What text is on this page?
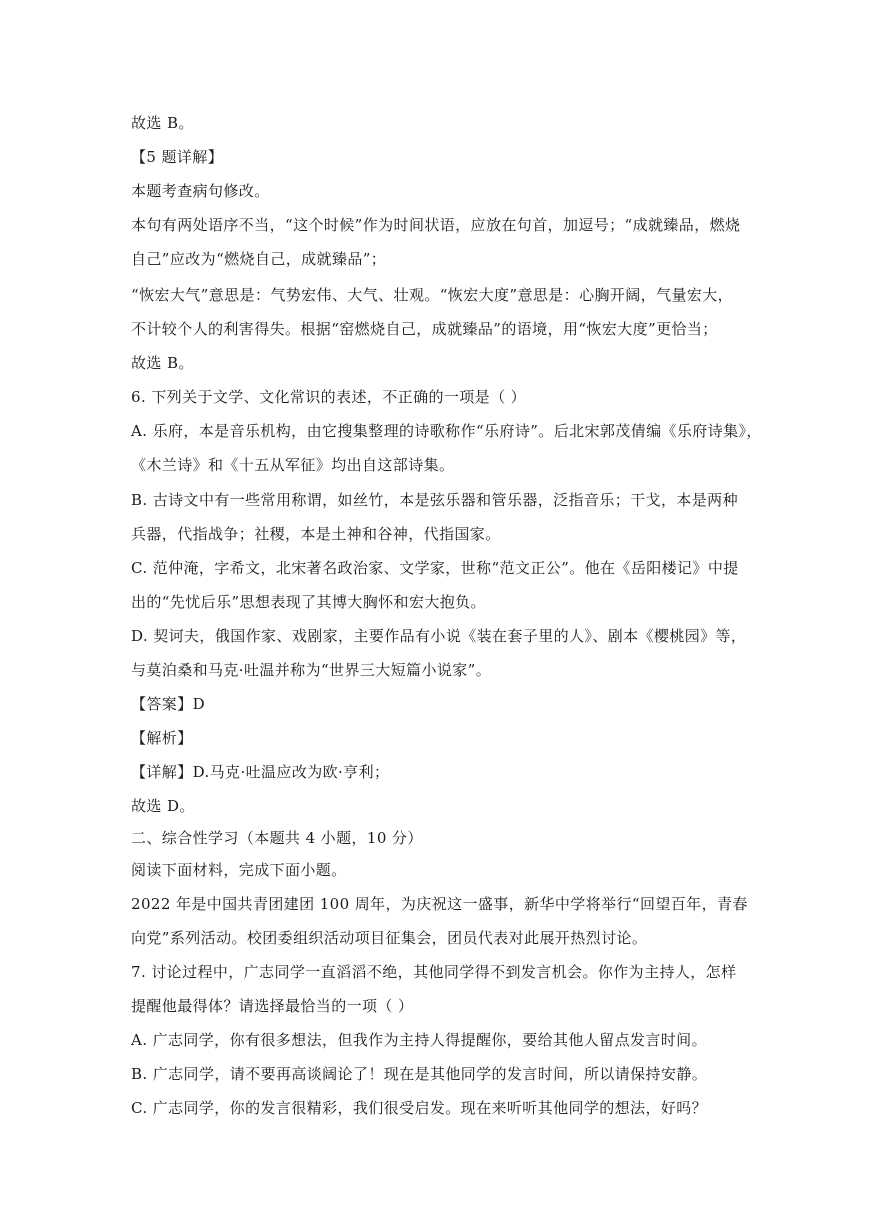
故选 B。
【5 题详解】
本题考查病句修改。
本句有两处语序不当，“这个时候”作为时间状语，应放在句首，加逗号；“成就臻品，燃烧
自己”应改为“燃烧自己，成就臻品”；
“恢宏大气”意思是：气势宏伟、大气、壮观。“恢宏大度”意思是：心胸开阔，气量宏大，
不计较个人的利害得失。根据“窑燃烧自己，成就臻品”的语境，用“恢宏大度”更恰当；
故选 B。
6. 下列关于文学、文化常识的表述，不正确的一项是（ ）
A. 乐府，本是音乐机构，由它搜集整理的诗歌称作“乐府诗”。后北宋郭茂倩编《乐府诗集》，
《木兰诗》和《十五从军征》均出自这部诗集。
B. 古诗文中有一些常用称谓，如丝竹，本是弦乐器和管乐器，泛指音乐；干戈，本是两种
兵器，代指战争；社稷，本是土神和谷神，代指国家。
C. 范仲淹，字希文，北宋著名政治家、文学家，世称“范文正公”。他在《岳阳楼记》中提
出的“先忧后乐”思想表现了其博大胸怀和宏大抱负。
D. 契诃夫，俄国作家、戏剧家，主要作品有小说《装在套子里的人》、剧本《樱桃园》等，
与莫泊桑和马克·吐温并称为“世界三大短篇小说家”。
【答案】D
【解析】
【详解】D.马克·吐温应改为欧·亨利；
故选 D。
二、综合性学习（本题共 4 小题，10 分）
阅读下面材料，完成下面小题。
2022 年是中国共青团建团 100 周年，为庆祝这一盛事，新华中学将举行“回望百年，青春
向党”系列活动。校团委组织活动项目征集会，团员代表对此展开热烈讨论。
7. 讨论过程中，广志同学一直滔滔不绝，其他同学得不到发言机会。你作为主持人，怎样
提醒他最得体？请选择最恰当的一项（ ）
A. 广志同学，你有很多想法，但我作为主持人得提醒你，要给其他人留点发言时间。
B. 广志同学，请不要再高谈阔论了！现在是其他同学的发言时间，所以请保持安静。
C. 广志同学，你的发言很精彩，我们很受启发。现在来听听其他同学的想法，好吗？
